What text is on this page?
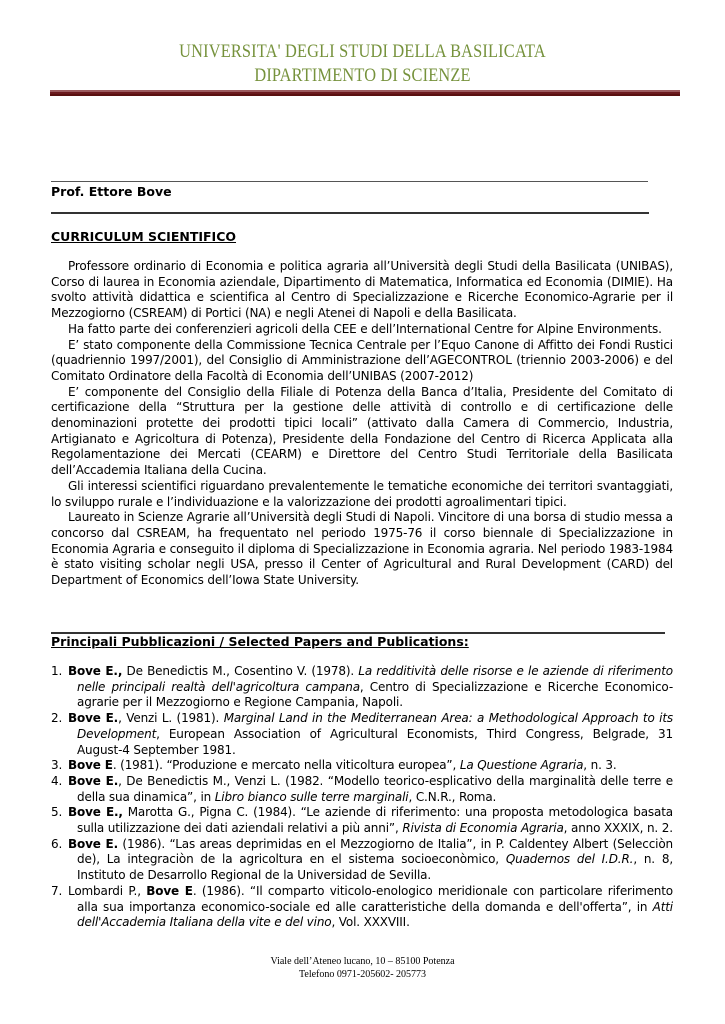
UNIVERSITA' DEGLI STUDI DELLA BASILICATA
DIPARTIMENTO DI SCIENZE
Prof. Ettore Bove
CURRICULUM SCIENTIFICO

Professore ordinario di Economia e politica agraria all’Università degli Studi della Basilicata (UNIBAS), Corso di laurea in Economia aziendale, Dipartimento di Matematica, Informatica ed Economia (DIMIE). Ha svolto attività didattica e scientifica al Centro di Specializzazione e Ricerche Economico-Agrarie per il Mezzogiorno (CSREAM) di Portici (NA) e negli Atenei di Napoli e della Basilicata.

Ha fatto parte dei conferenzieri agricoli della CEE e dell’International Centre for Alpine Environments.

E’ stato componente della Commissione Tecnica Centrale per l’Equo Canone di Affitto dei Fondi Rustici (quadriennio 1997/2001), del Consiglio di Amministrazione dell’AGECONTROL (triennio 2003-2006) e del Comitato Ordinatore della Facoltà di Economia dell’UNIBAS (2007-2012)

E’ componente del Consiglio della Filiale di Potenza della Banca d’Italia, Presidente del Comitato di certificazione della “Struttura per la gestione delle attività di controllo e di certificazione delle denominazioni protette dei prodotti tipici locali” (attivato dalla Camera di Commercio, Industria, Artigianato e Agricoltura di Potenza), Presidente della Fondazione del Centro di Ricerca Applicata alla Regolamentazione dei Mercati (CEARM) e Direttore del Centro Studi Territoriale della Basilicata dell’Accademia Italiana della Cucina.

Gli interessi scientifici riguardano prevalentemente le tematiche economiche dei territori svantaggiati, lo sviluppo rurale e l’individuazione e la valorizzazione dei prodotti agroalimentari tipici.

Laureato in Scienze Agrarie all’Università degli Studi di Napoli. Vincitore di una borsa di studio messa a concorso dal CSREAM, ha frequentato nel periodo 1975-76 il corso biennale di Specializzazione in Economia Agraria e conseguito il diploma di Specializzazione in Economia agraria. Nel periodo 1983-1984 è stato visiting scholar negli USA, presso il Center of Agricultural and Rural Development (CARD) del Department of Economics dell’Iowa State University.

Principali Pubblicazioni / Selected Papers and Publications:
1. Bove E., De Benedictis M., Cosentino V. (1978). La redditività delle risorse e le aziende di riferimento nelle principali realtà dell'agricoltura campana, Centro di Specializzazione e Ricerche Economico-agrarie per il Mezzogiorno e Regione Campania, Napoli.
2. Bove E., Venzi L. (1981). Marginal Land in the Mediterranean Area: a Methodological Approach to its Development, European Association of Agricultural Economists, Third Congress, Belgrade, 31 August-4 September 1981.
3. Bove E. (1981). “Produzione e mercato nella viticoltura europea”, La Questione Agraria, n. 3.
4. Bove E., De Benedictis M., Venzi L. (1982. “Modello teorico-esplicativo della marginalità delle terre e della sua dinamica”, in Libro bianco sulle terre marginali, C.N.R., Roma.
5. Bove E., Marotta G., Pigna C. (1984). “Le aziende di riferimento: una proposta metodologica basata sulla utilizzazione dei dati aziendali relativi a più anni”, Rivista di Economia Agraria, anno XXXIX, n. 2.
6. Bove E. (1986). “Las areas deprimidas en el Mezzogiorno de Italia”, in P. Caldentey Albert (Selecciòn de), La integraciòn de la agricoltura en el sistema socioeconòmico, Quadernos del I.D.R., n. 8, Instituto de Desarrollo Regional de la Universidad de Sevilla.
7. Lombardi P., Bove E. (1986). “Il comparto viticolo-enologico meridionale con particolare riferimento alla sua importanza economico-sociale ed alle caratteristiche della domanda e dell'offerta”, in Atti dell'Accademia Italiana della vite e del vino, Vol. XXXVIII.
Viale dell’Ateneo lucano, 10 – 85100 Potenza
Telefono 0971-205602- 205773
